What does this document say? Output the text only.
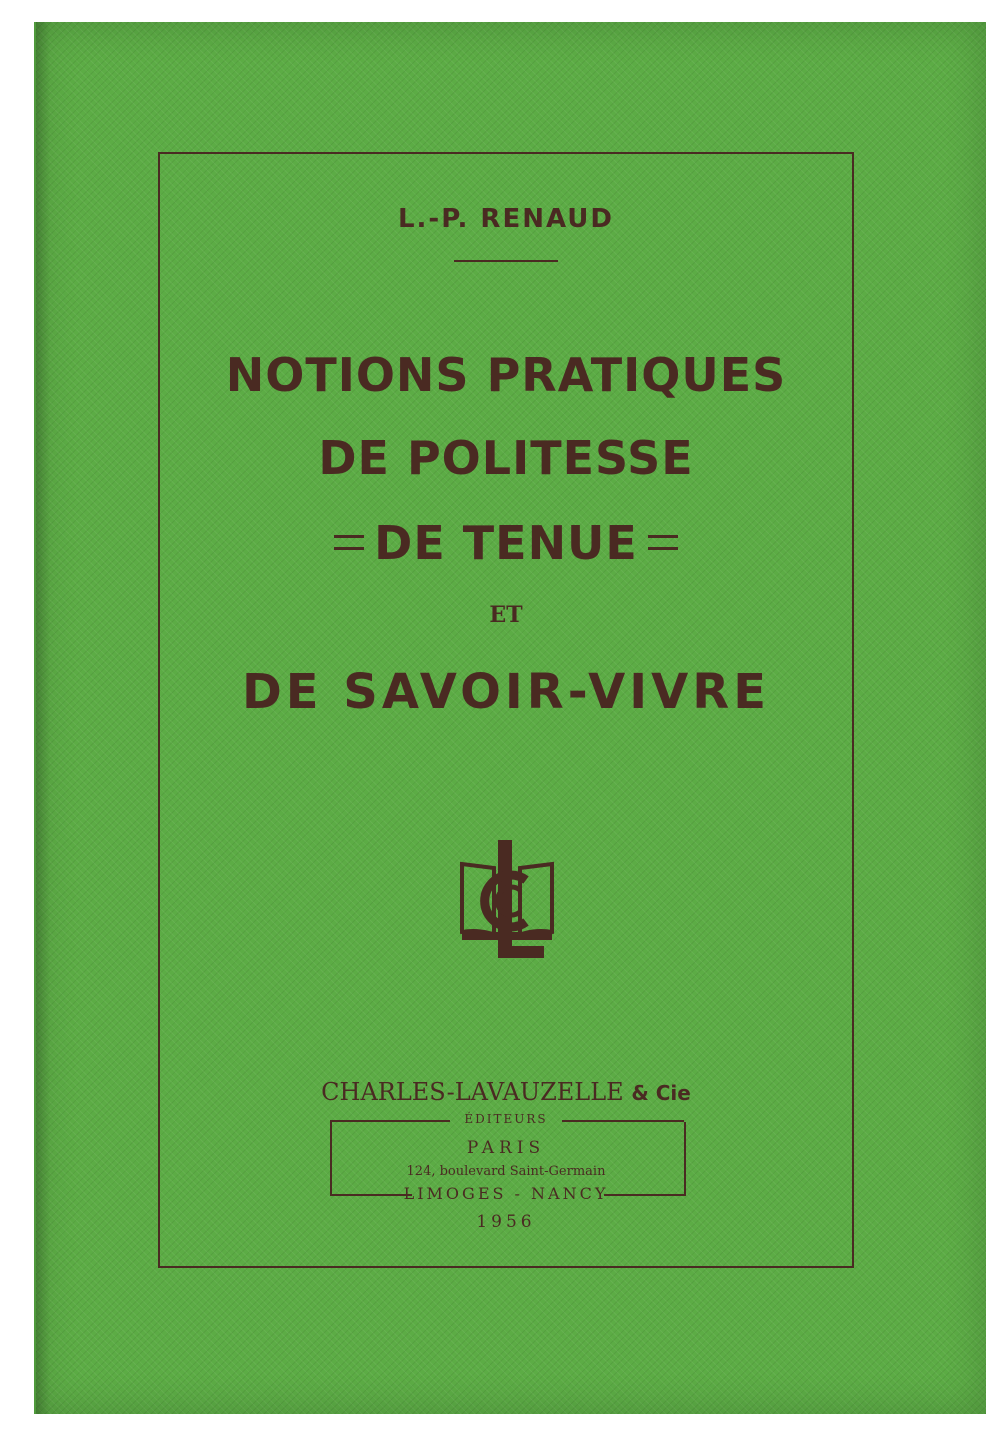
L.-P. RENAUD
NOTIONS PRATIQUES
DE POLITESSE
DE TENUE
ET
DE SAVOIR-VIVRE
CHARLES-LAVAUZELLE & Cie
ÉDITEURS
PARIS
124, boulevard Saint-Germain
LIMOGES - NANCY
1956
